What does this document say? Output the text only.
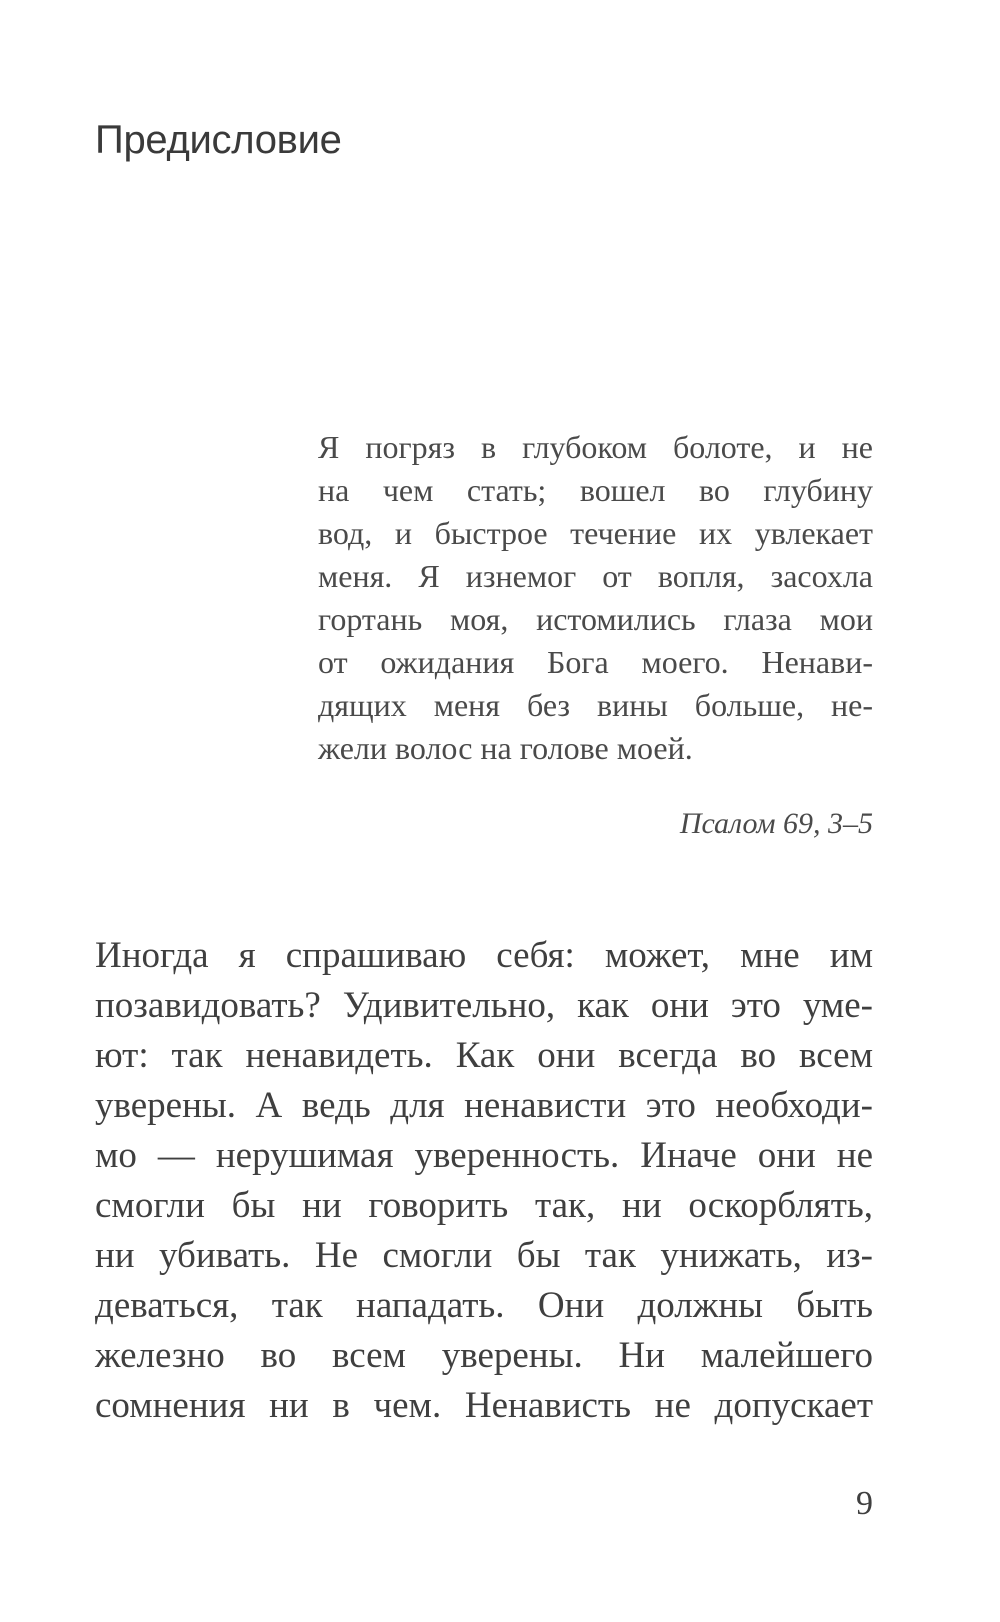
Предисловие
Я погряз в глубоком болоте, и не
на чем стать; вошел во глубину
вод, и быстрое течение их увлекает
меня. Я изнемог от вопля, засохла
гортань моя, истомились глаза мои
от ожидания Бога моего. Ненави-
дящих меня без вины больше, не-
жели волос на голове моей.
Псалом 69, 3–5
Иногда я спрашиваю себя: может, мне им
позавидовать? Удивительно, как они это уме-
ют: так ненавидеть. Как они всегда во всем
уверены. А ведь для ненависти это необходи-
мо — нерушимая уверенность. Иначе они не
смогли бы ни говорить так, ни оскорблять,
ни убивать. Не смогли бы так унижать, из-
деваться, так нападать. Они должны быть
железно во всем уверены. Ни малейшего
сомнения ни в чем. Ненависть не допускает
9
